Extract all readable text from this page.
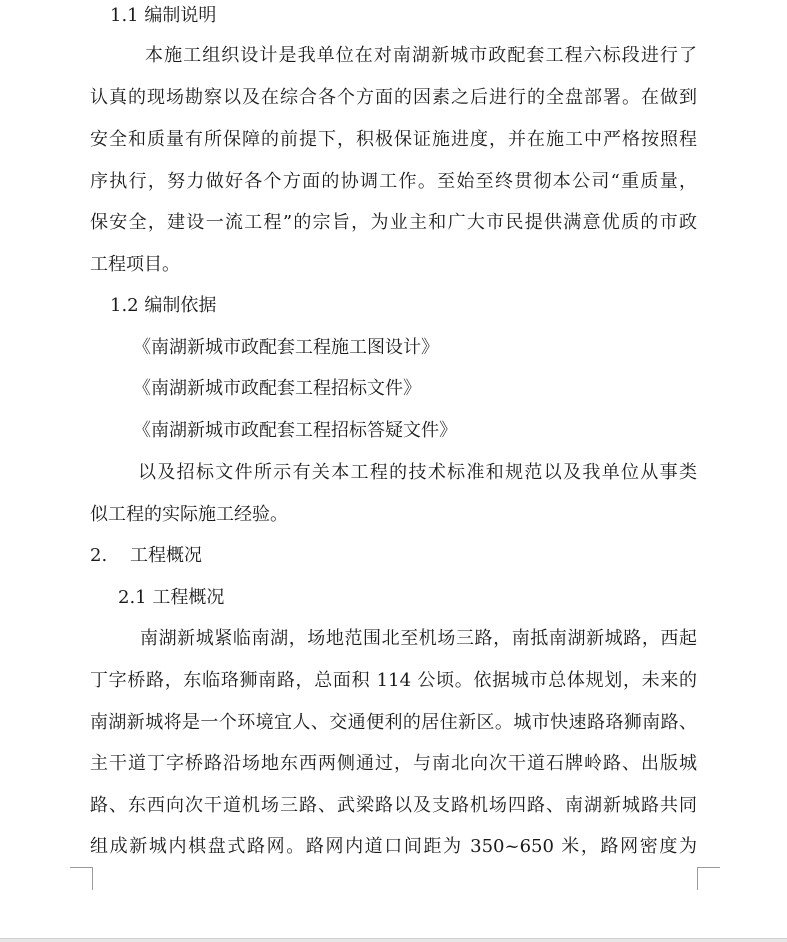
1.1 编制说明
本施工组织设计是我单位在对南湖新城市政配套工程六标段进行了
认真的现场勘察以及在综合各个方面的因素之后进行的全盘部署。在做到
安全和质量有所保障的前提下，积极保证施进度，并在施工中严格按照程
序执行，努力做好各个方面的协调工作。至始至终贯彻本公司“重质量，
保安全，建设一流工程”的宗旨，为业主和广大市民提供满意优质的市政
工程项目。
1.2 编制依据
《南湖新城市政配套工程施工图设计》
《南湖新城市政配套工程招标文件》
《南湖新城市政配套工程招标答疑文件》
以及招标文件所示有关本工程的技术标准和规范以及我单位从事类
似工程的实际施工经验。
2.    工程概况
2.1 工程概况
南湖新城紧临南湖，场地范围北至机场三路，南抵南湖新城路，西起
丁字桥路，东临珞狮南路，总面积 114 公顷。依据城市总体规划，未来的
南湖新城将是一个环境宜人、交通便利的居住新区。城市快速路珞狮南路、
主干道丁字桥路沿场地东西两侧通过，与南北向次干道石牌岭路、出版城
路、东西向次干道机场三路、武梁路以及支路机场四路、南湖新城路共同
组成新城内棋盘式路网。路网内道口间距为 350~650 米，路网密度为
